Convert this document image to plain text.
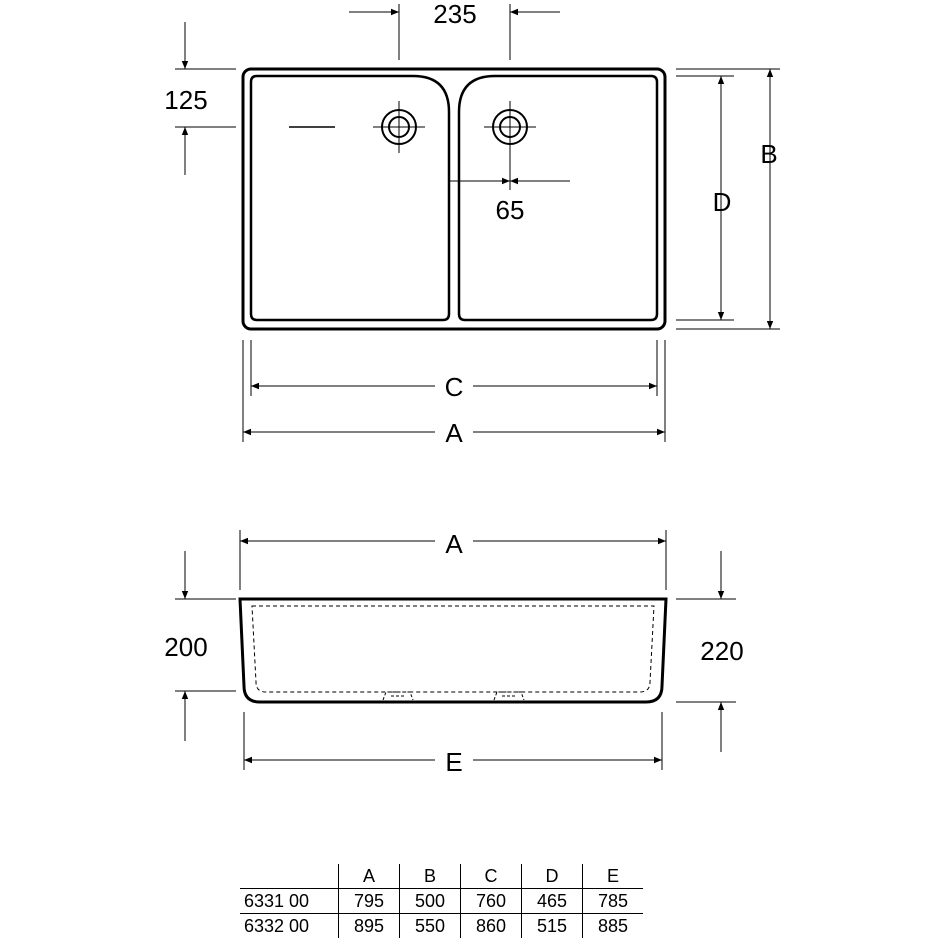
235
125
65	D
B
C
A
A
200	220
E
	A	B	C	D	E
6331 00	795	500	760	465	785
6332 00	895	550	860	515	885
